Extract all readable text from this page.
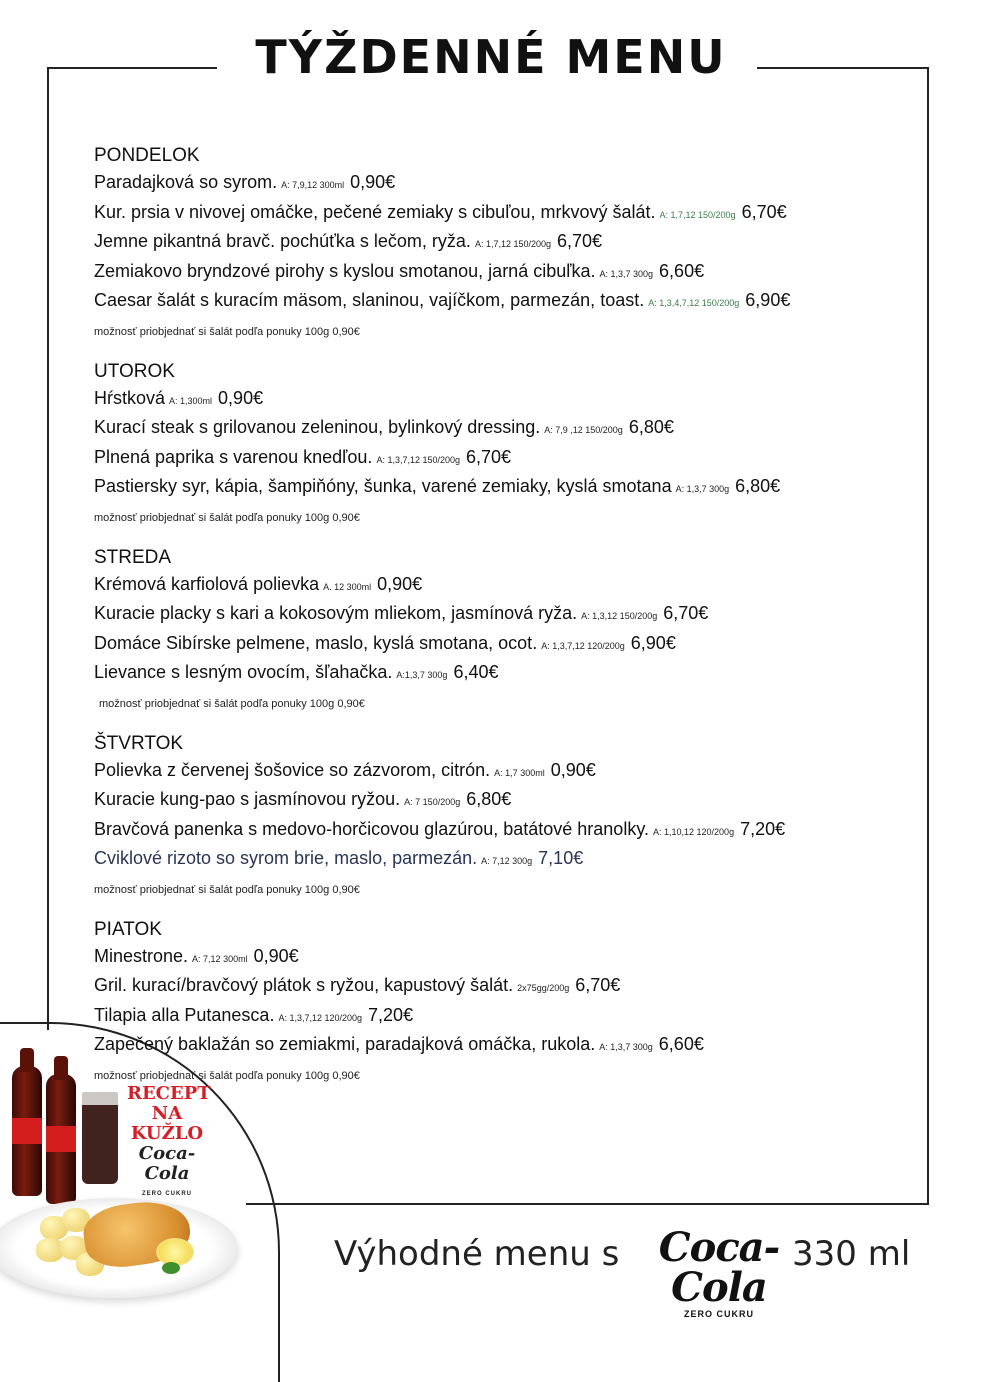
TÝŽDENNÉ MENU
PONDELOK
Paradajková so syrom. A: 7,9,12 300ml 0,90€
Kur. prsia v nivovej omáčke, pečené zemiaky s cibuľou, mrkvový šalát. A: 1,7,12 150/200g 6,70€
Jemne pikantná bravč. pochúťka s lečom, ryža. A: 1,7,12 150/200g 6,70€
Zemiakovo bryndzové pirohy s kyslou smotanou, jarná cibuľka. A: 1,3,7 300g 6,60€
Caesar šalát s kuracím mäsom, slaninou, vajíčkom, parmezán, toast. A: 1,3,4,7,12 150/200g 6,90€
možnosť priobjednať si šalát podľa ponuky 100g 0,90€
UTOROK
Hŕstková A: 1,300ml 0,90€
Kurací steak s grilovanou zeleninou, bylinkový dressing. A: 7,9 ,12 150/200g 6,80€
Plnená paprika s varenou knedľou. A: 1,3,7,12 150/200g 6,70€
Pastiersky syr, kápia, šampiňóny, šunka, varené zemiaky, kyslá smotana A: 1,3,7 300g 6,80€
možnosť priobjednať si šalát podľa ponuky 100g 0,90€
STREDA
Krémová karfiolová polievka A. 12 300ml 0,90€
Kuracie placky s kari a kokosovým mliekom, jasmínová ryža. A: 1,3,12 150/200g 6,70€
Domáce Sibírske pelmene, maslo, kyslá smotana, ocot. A: 1,3,7,12 120/200g 6,90€
Lievance s lesným ovocím, šľahačka. A:1,3,7 300g 6,40€
možnosť priobjednať si šalát podľa ponuky 100g 0,90€
ŠTVRTOK
Polievka z červenej šošovice so zázvorom, citrón. A: 1,7 300ml 0,90€
Kuracie kung-pao s jasmínovou ryžou. A: 7 150/200g 6,80€
Bravčová panenka s medovo-horčicovou glazúrou, batátové hranolky. A: 1,10,12 120/200g 7,20€
Cviklové rizoto so syrom brie, maslo, parmezán. A: 7,12 300g 7,10€
možnosť priobjednať si šalát podľa ponuky 100g 0,90€
PIATOK
Minestrone. A: 7,12 300ml 0,90€
Gril. kurací/bravčový plátok s ryžou, kapustový šalát. 2x75gg/200g 6,70€
Tilapia alla Putanesca. A: 1,3,7,12 120/200g 7,20€
Zapečený baklažán so zemiakmi, paradajková omáčka, rukola. A: 1,3,7 300g 6,60€
možnosť priobjednať si šalát podľa ponuky 100g 0,90€
RECEPT
NA KUŽLO
Coca-Cola
ZERO CUKRU
Výhodné menu s Coca-Cola
ZERO CUKRU
330 ml
